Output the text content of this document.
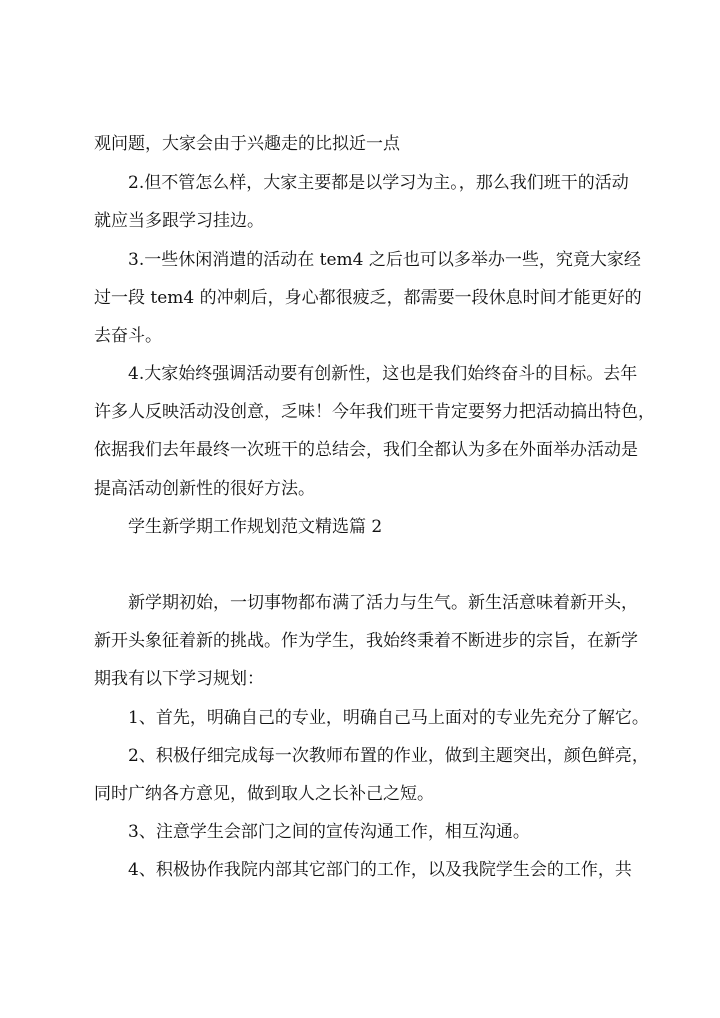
观问题，大家会由于兴趣走的比拟近一点
2.但不管怎么样，大家主要都是以学习为主。，那么我们班干的活动
就应当多跟学习挂边。
3.一些休闲消遣的活动在 tem4 之后也可以多举办一些，究竟大家经
过一段 tem4 的冲刺后，身心都很疲乏，都需要一段休息时间才能更好的
去奋斗。
4.大家始终强调活动要有创新性，这也是我们始终奋斗的目标。去年
许多人反映活动没创意，乏味！今年我们班干肯定要努力把活动搞出特色，
依据我们去年最终一次班干的总结会，我们全都认为多在外面举办活动是
提高活动创新性的很好方法。
学生新学期工作规划范文精选篇 2
新学期初始，一切事物都布满了活力与生气。新生活意味着新开头，
新开头象征着新的挑战。作为学生，我始终秉着不断进步的宗旨，在新学
期我有以下学习规划：
1、首先，明确自己的专业，明确自己马上面对的专业先充分了解它。
2、积极仔细完成每一次教师布置的作业，做到主题突出，颜色鲜亮，
同时广纳各方意见，做到取人之长补己之短。
3、注意学生会部门之间的宣传沟通工作，相互沟通。
4、积极协作我院内部其它部门的工作，以及我院学生会的工作，共
